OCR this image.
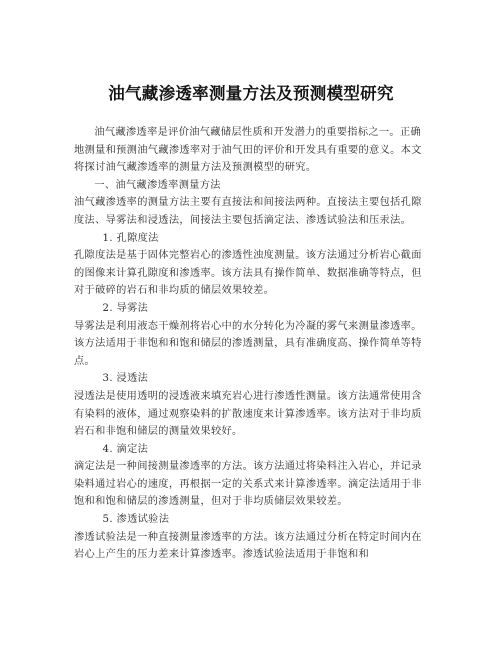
油气藏渗透率测量方法及预测模型研究

油气藏渗透率是评价油气藏储层性质和开发潜力的重要指标之一。正确地测量和预测油气藏渗透率对于油气田的评价和开发具有重要的意义。本文将探讨油气藏渗透率的测量方法及预测模型的研究。

一、油气藏渗透率测量方法

油气藏渗透率的测量方法主要有直接法和间接法两种。直接法主要包括孔隙度法、导雾法和浸透法，间接法主要包括滴定法、渗透试验法和压汞法。

1. 孔隙度法

孔隙度法是基于固体完整岩心的渗透性浊度测量。该方法通过分析岩心截面的图像来计算孔隙度和渗透率。该方法具有操作简单、数据准确等特点，但对于破碎的岩石和非均质的储层效果较差。

2. 导雾法

导雾法是利用液态干燥剂将岩心中的水分转化为冷凝的雾气来测量渗透率。该方法适用于非饱和和饱和储层的渗透测量，具有准确度高、操作简单等特点。

3. 浸透法

浸透法是使用透明的浸透液来填充岩心进行渗透性测量。该方法通常使用含有染料的液体，通过观察染料的扩散速度来计算渗透率。该方法对于非均质岩石和非饱和储层的测量效果较好。

4. 滴定法

滴定法是一种间接测量渗透率的方法。该方法通过将染料注入岩心，并记录染料通过岩心的速度，再根据一定的关系式来计算渗透率。滴定法适用于非饱和和饱和储层的渗透测量，但对于非均质储层效果较差。

5. 渗透试验法

渗透试验法是一种直接测量渗透率的方法。该方法通过分析在特定时间内在岩心上产生的压力差来计算渗透率。渗透试验法适用于非饱和和
